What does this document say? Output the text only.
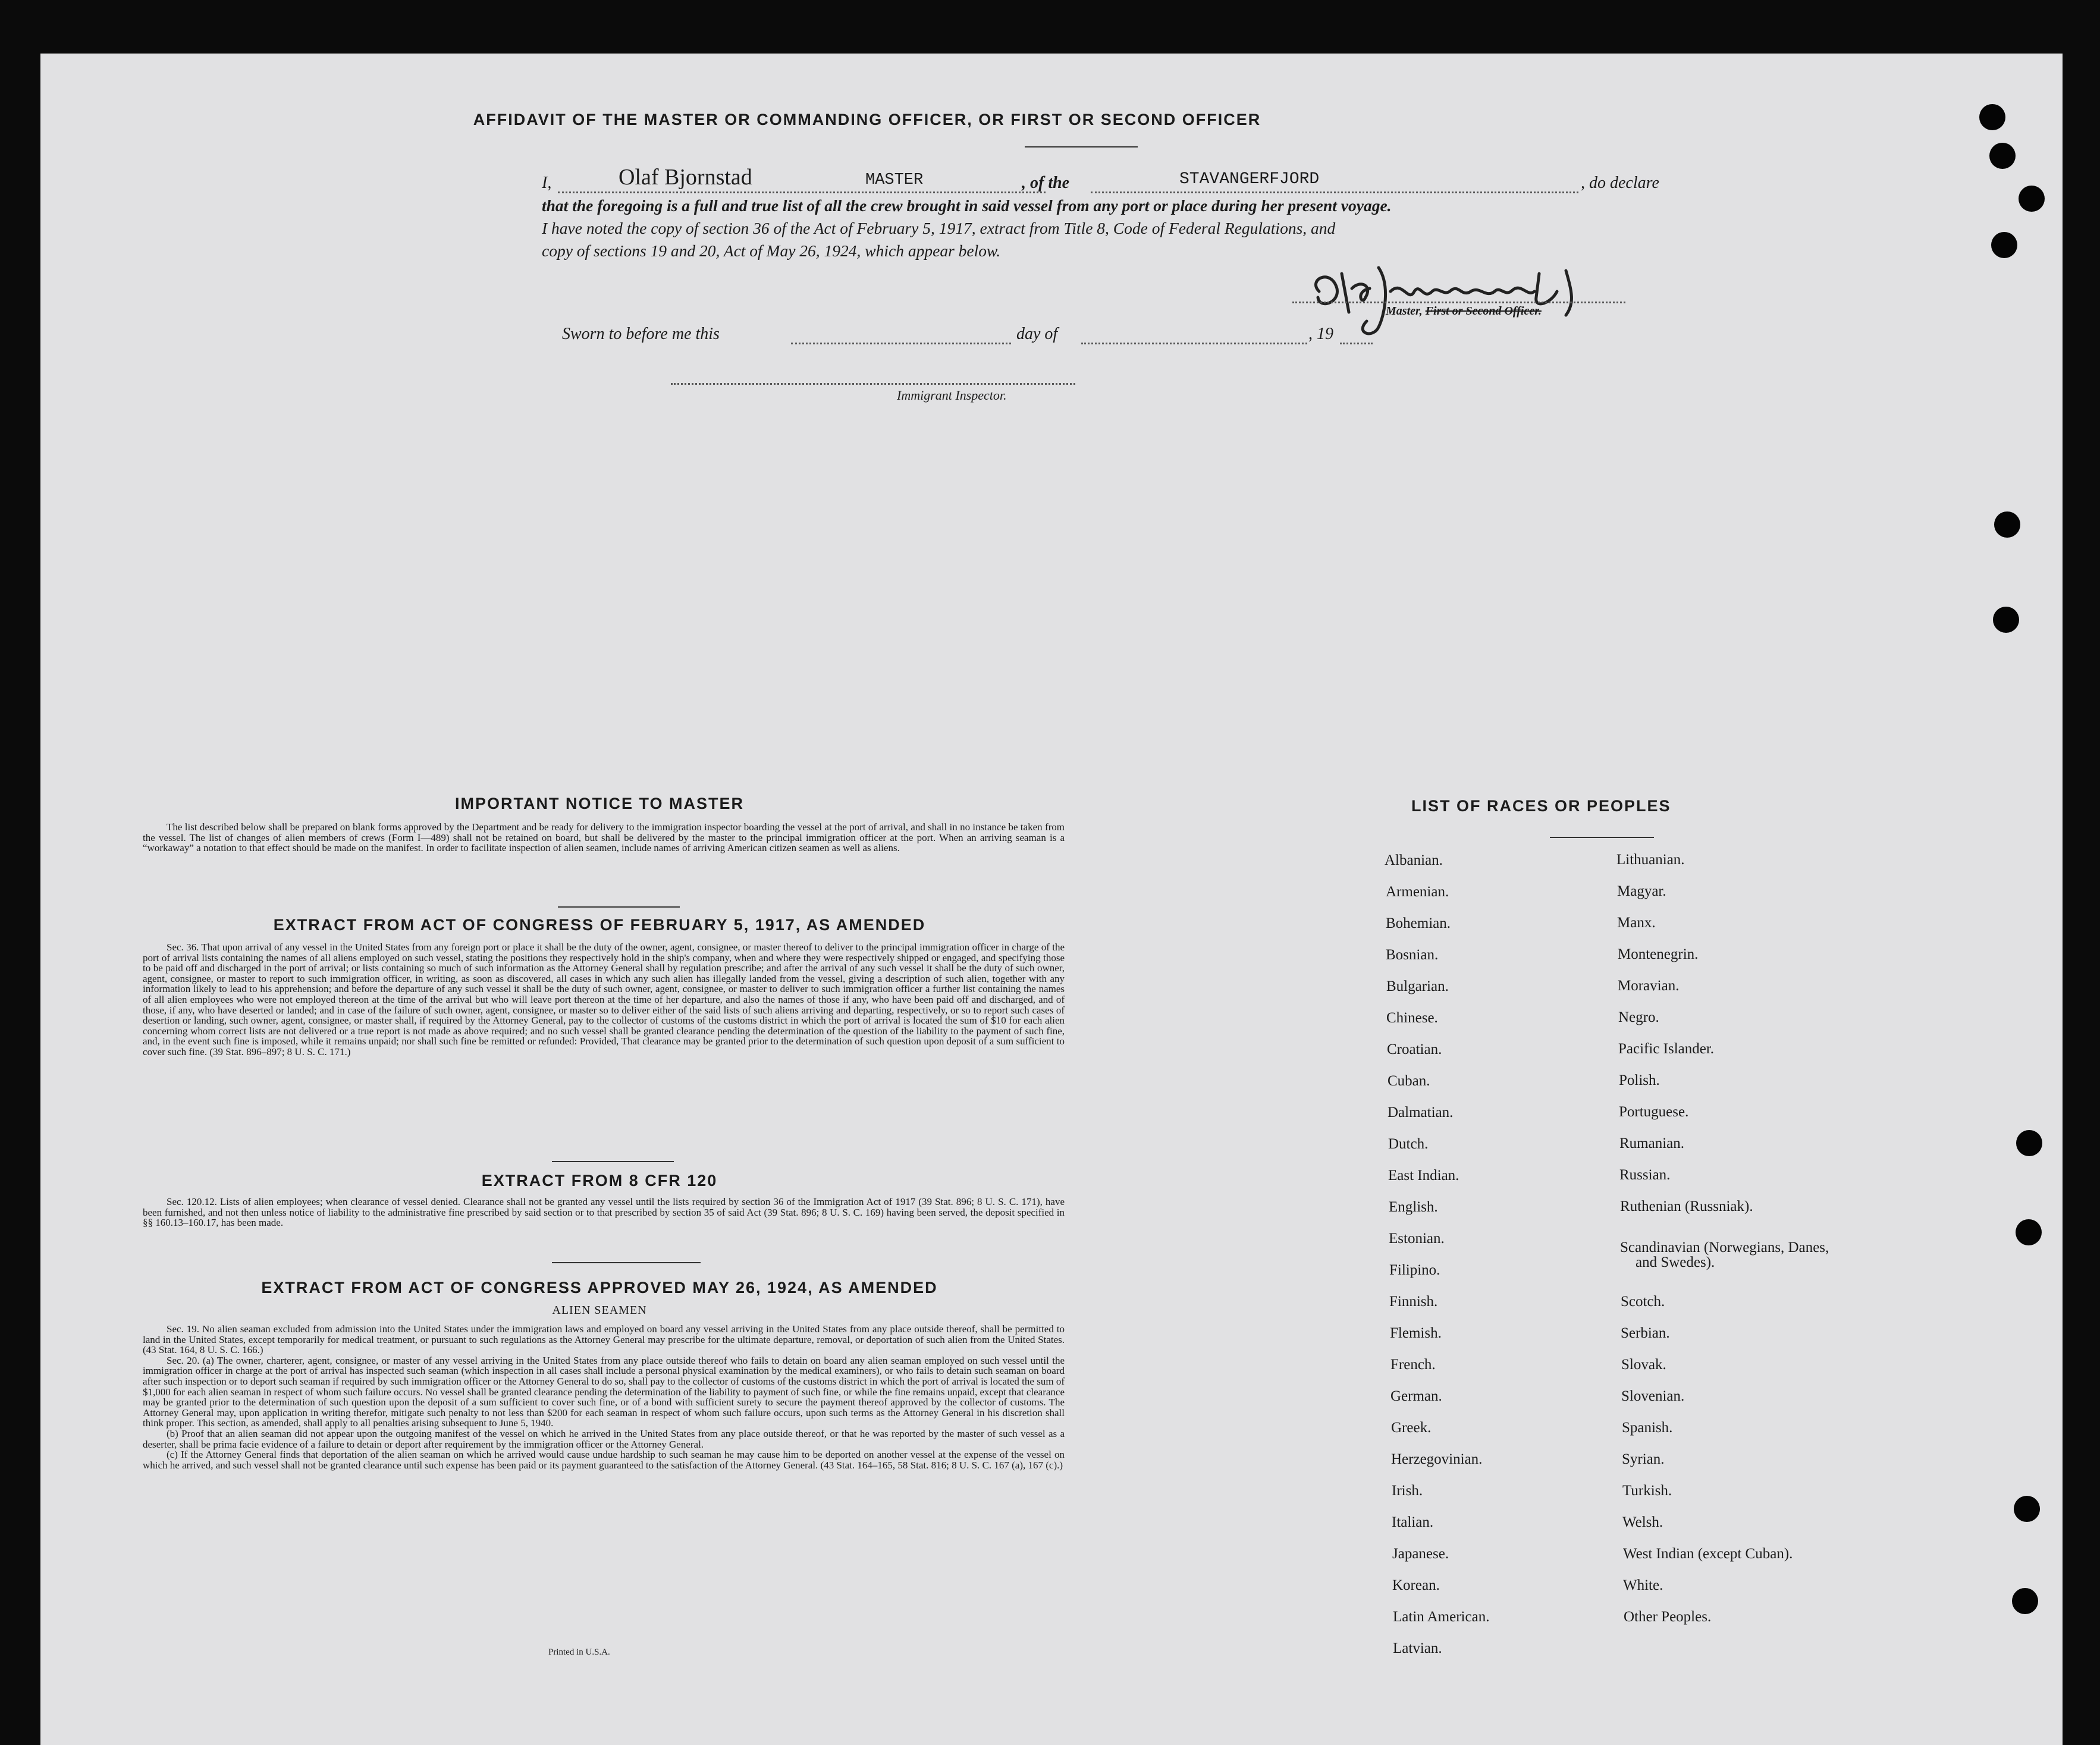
AFFIDAVIT OF THE MASTER OR COMMANDING OFFICER, OR FIRST OR SECOND OFFICER
I,	Olaf Bjornstad	MASTER	, of the	STAVANGERFJORD	, do declare
that the foregoing is a full and true list of all the crew brought in said vessel from any port or place during her present voyage.
I have noted the copy of section 36 of the Act of February 5, 1917, extract from Title 8, Code of Federal Regulations, and
copy of sections 19 and 20, Act of May 26, 1924, which appear below.
Master, First or Second Officer.
Sworn to before me this	day of	, 19
Immigrant Inspector.
IMPORTANT NOTICE TO MASTER

The list described below shall be prepared on blank forms approved by the Department and be ready for delivery to the immigration inspector boarding the vessel at the port of arrival, and shall in no instance be taken from the vessel. The list of changes of alien members of crews (Form I—489) shall not be retained on board, but shall be delivered by the master to the principal immigration officer at the port. When an arriving seaman is a “workaway” a notation to that effect should be made on the manifest. In order to facilitate inspection of alien seamen, include names of arriving American citizen seamen as well as aliens.

EXTRACT FROM ACT OF CONGRESS OF FEBRUARY 5, 1917, AS AMENDED

Sec. 36. That upon arrival of any vessel in the United States from any foreign port or place it shall be the duty of the owner, agent, consignee, or master thereof to deliver to the principal immigration officer in charge of the port of arrival lists containing the names of all aliens employed on such vessel, stating the positions they respectively hold in the ship's company, when and where they were respectively shipped or engaged, and specifying those to be paid off and discharged in the port of arrival; or lists containing so much of such information as the Attorney General shall by regulation prescribe; and after the arrival of any such vessel it shall be the duty of such owner, agent, consignee, or master to report to such immigration officer, in writing, as soon as discovered, all cases in which any such alien has illegally landed from the vessel, giving a description of such alien, together with any information likely to lead to his apprehension; and before the departure of any such vessel it shall be the duty of such owner, agent, consignee, or master to deliver to such immigration officer a further list containing the names of all alien employees who were not employed thereon at the time of the arrival but who will leave port thereon at the time of her departure, and also the names of those if any, who have been paid off and discharged, and of those, if any, who have deserted or landed; and in case of the failure of such owner, agent, consignee, or master so to deliver either of the said lists of such aliens arriving and departing, respectively, or so to report such cases of desertion or landing, such owner, agent, consignee, or master shall, if required by the Attorney General, pay to the collector of customs of the customs district in which the port of arrival is located the sum of $10 for each alien concerning whom correct lists are not delivered or a true report is not made as above required; and no such vessel shall be granted clearance pending the determination of the question of the liability to the payment of such fine, and, in the event such fine is imposed, while it remains unpaid; nor shall such fine be remitted or refunded: Provided, That clearance may be granted prior to the determination of such question upon deposit of a sum sufficient to cover such fine. (39 Stat. 896–897; 8 U. S. C. 171.)

EXTRACT FROM 8 CFR 120

Sec. 120.12. Lists of alien employees; when clearance of vessel denied. Clearance shall not be granted any vessel until the lists required by section 36 of the Immigration Act of 1917 (39 Stat. 896; 8 U. S. C. 171), have been furnished, and not then unless notice of liability to the administrative fine prescribed by said section or to that prescribed by section 35 of said Act (39 Stat. 896; 8 U. S. C. 169) having been served, the deposit specified in §§ 160.13–160.17, has been made.

EXTRACT FROM ACT OF CONGRESS APPROVED MAY 26, 1924, AS AMENDED
ALIEN SEAMEN

Sec. 19. No alien seaman excluded from admission into the United States under the immigration laws and employed on board any vessel arriving in the United States from any place outside thereof, shall be permitted to land in the United States, except temporarily for medical treatment, or pursuant to such regulations as the Attorney General may prescribe for the ultimate departure, removal, or deportation of such alien from the United States. (43 Stat. 164, 8 U. S. C. 166.)

Sec. 20. (a) The owner, charterer, agent, consignee, or master of any vessel arriving in the United States from any place outside thereof who fails to detain on board any alien seaman employed on such vessel until the immigration officer in charge at the port of arrival has inspected such seaman (which inspection in all cases shall include a personal physical examination by the medical examiners), or who fails to detain such seaman on board after such inspection or to deport such seaman if required by such immigration officer or the Attorney General to do so, shall pay to the collector of customs of the customs district in which the port of arrival is located the sum of $1,000 for each alien seaman in respect of whom such failure occurs. No vessel shall be granted clearance pending the determination of the liability to payment of such fine, or while the fine remains unpaid, except that clearance may be granted prior to the determination of such question upon the deposit of a sum sufficient to cover such fine, or of a bond with sufficient surety to secure the payment thereof approved by the collector of customs. The Attorney General may, upon application in writing therefor, mitigate such penalty to not less than $200 for each seaman in respect of whom such failure occurs, upon such terms as the Attorney General in his discretion shall think proper. This section, as amended, shall apply to all penalties arising subsequent to June 5, 1940.

(b) Proof that an alien seaman did not appear upon the outgoing manifest of the vessel on which he arrived in the United States from any place outside thereof, or that he was reported by the master of such vessel as a deserter, shall be prima facie evidence of a failure to detain or deport after requirement by the immigration officer or the Attorney General.

(c) If the Attorney General finds that deportation of the alien seaman on which he arrived would cause undue hardship to such seaman he may cause him to be deported on another vessel at the expense of the vessel on which he arrived, and such vessel shall not be granted clearance until such expense has been paid or its payment guaranteed to the satisfaction of the Attorney General. (43 Stat. 164–165, 58 Stat. 816; 8 U. S. C. 167 (a), 167 (c).)

Printed in U.S.A.
LIST OF RACES OR PEOPLES
Albanian.
Armenian.
Bohemian.
Bosnian.
Bulgarian.
Chinese.
Croatian.
Cuban.
Dalmatian.
Dutch.
East Indian.
English.
Estonian.
Filipino.
Finnish.
Flemish.
French.
German.
Greek.
Herzegovinian.
Irish.
Italian.
Japanese.
Korean.
Latin American.
Latvian.
Lithuanian.
Magyar.
Manx.
Montenegrin.
Moravian.
Negro.
Pacific Islander.
Polish.
Portuguese.
Rumanian.
Russian.
Ruthenian (Russniak).
Scandinavian (Norwegians, Danes, and Swedes).
Scotch.
Serbian.
Slovak.
Slovenian.
Spanish.
Syrian.
Turkish.
Welsh.
West Indian (except Cuban).
White.
Other Peoples.
